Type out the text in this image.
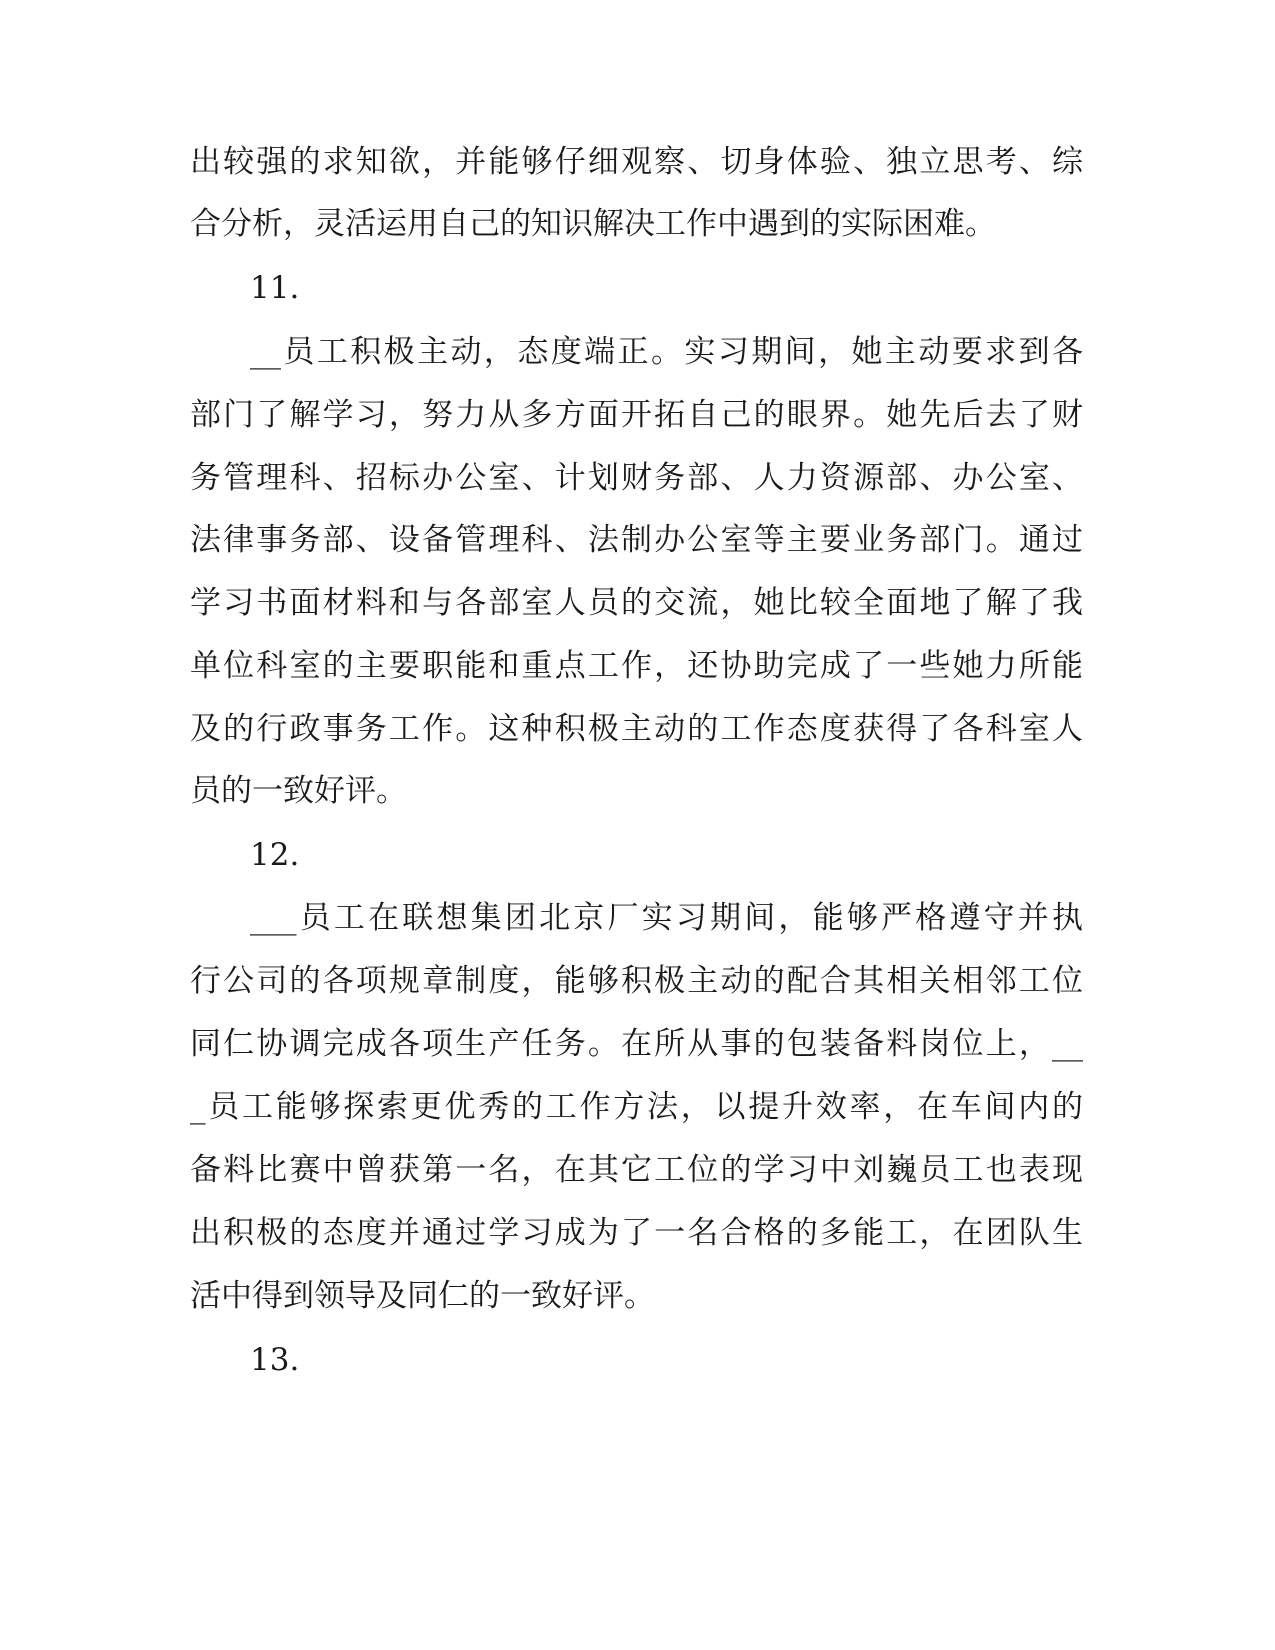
出较强的求知欲，并能够仔细观察、切身体验、独立思考、综
合分析，灵活运用自己的知识解决工作中遇到的实际困难。
11.
__员工积极主动，态度端正。实习期间，她主动要求到各
部门了解学习，努力从多方面开拓自己的眼界。她先后去了财
务管理科、招标办公室、计划财务部、人力资源部、办公室、
法律事务部、设备管理科、法制办公室等主要业务部门。通过
学习书面材料和与各部室人员的交流，她比较全面地了解了我
单位科室的主要职能和重点工作，还协助完成了一些她力所能
及的行政事务工作。这种积极主动的工作态度获得了各科室人
员的一致好评。
12.
___员工在联想集团北京厂实习期间，能够严格遵守并执
行公司的各项规章制度，能够积极主动的配合其相关相邻工位
同仁协调完成各项生产任务。在所从事的包装备料岗位上，__
_员工能够探索更优秀的工作方法，以提升效率，在车间内的
备料比赛中曾获第一名，在其它工位的学习中刘巍员工也表现
出积极的态度并通过学习成为了一名合格的多能工，在团队生
活中得到领导及同仁的一致好评。
13.
